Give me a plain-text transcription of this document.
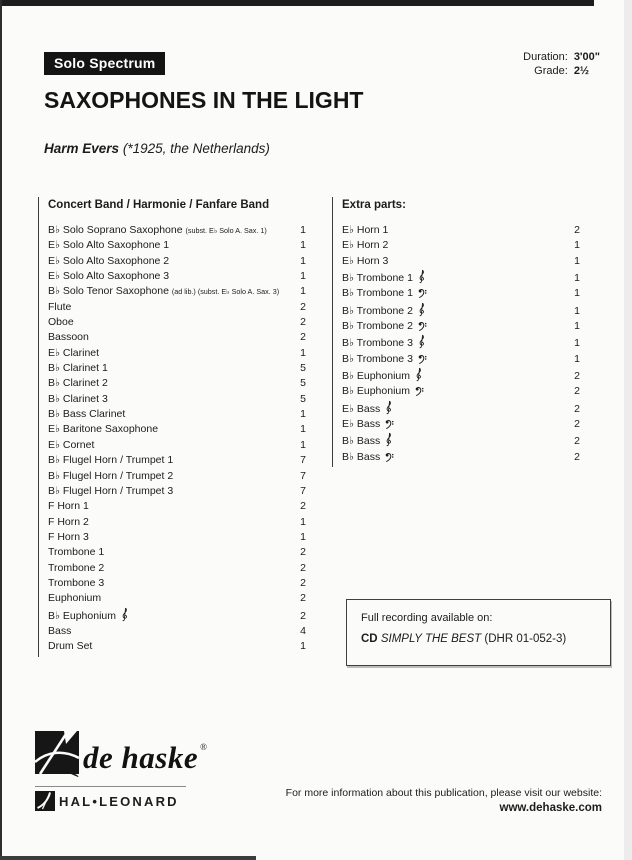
Solo Spectrum	Duration: 3'00"
Grade: 2½
SAXOPHONES IN THE LIGHT
Harm Evers (*1925, the Netherlands)
Concert Band / Harmonie / Fanfare Band
B♭ Solo Soprano Saxophone (subst. E♭ Solo A. Sax. 1)	1
E♭ Solo Alto Saxophone 1	1
E♭ Solo Alto Saxophone 2	1
E♭ Solo Alto Saxophone 3	1
B♭ Solo Tenor Saxophone (ad lib.) (subst. E♭ Solo A. Sax. 3) 1
Flute	2
Oboe	2
Bassoon	2
E♭ Clarinet	1
B♭ Clarinet 1	5
B♭ Clarinet 2	5
B♭ Clarinet 3	5
B♭ Bass Clarinet	1
E♭ Baritone Saxophone	1
E♭ Cornet	1
B♭ Flugel Horn / Trumpet 1	7
B♭ Flugel Horn / Trumpet 2	7
B♭ Flugel Horn / Trumpet 3	7
F Horn 1	2
F Horn 2	1
F Horn 3	1
Trombone 1	2
Trombone 2	2
Trombone 3	2
Euphonium	2
B♭ Euphonium	2
Bass	4
Drum Set	1
Extra parts:
E♭ Horn 1	2
E♭ Horn 2	1
E♭ Horn 3	1
B♭ Trombone 1	1
B♭ Trombone 1	1
B♭ Trombone 2	1
B♭ Trombone 2	1
B♭ Trombone 3	1
B♭ Trombone 3	1
B♭ Euphonium	2
B♭ Euphonium	2
E♭ Bass	2
E♭ Bass	2
B♭ Bass	2
B♭ Bass	2
Full recording available on:
CD SIMPLY THE BEST (DHR 01-052-3)
de haske ®
HAL•LEONARD
For more information about this publication, please visit our website:
www.dehaske.com
